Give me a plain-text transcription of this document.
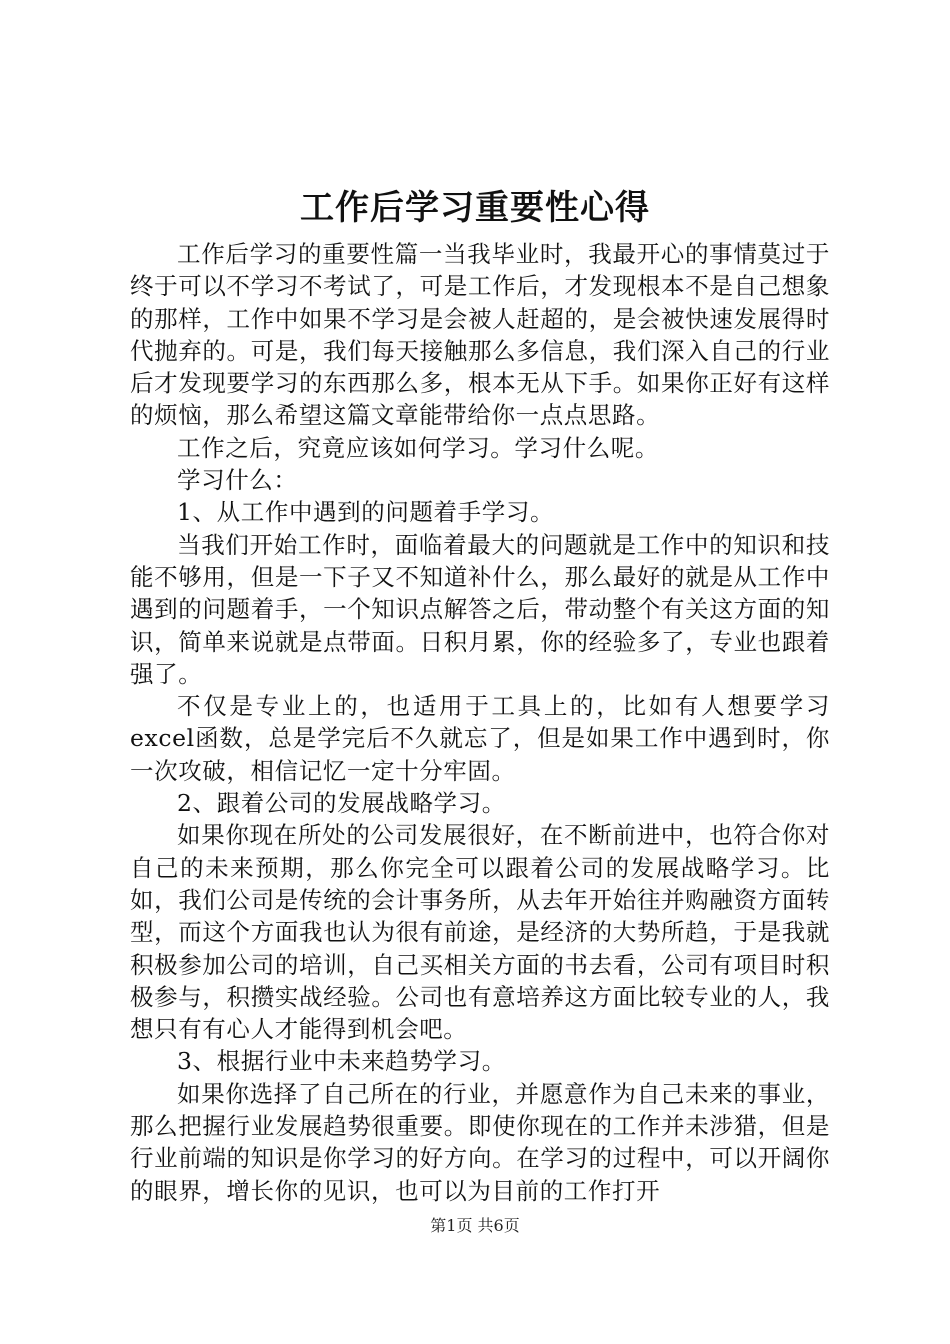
工作后学习重要性心得

工作后学习的重要性篇一当我毕业时，我最开心的事情莫过于终于可以不学习不考试了，可是工作后，才发现根本不是自己想象的那样，工作中如果不学习是会被人赶超的，是会被快速发展得时代抛弃的。可是，我们每天接触那么多信息，我们深入自己的行业后才发现要学习的东西那么多，根本无从下手。如果你正好有这样的烦恼，那么希望这篇文章能带给你一点点思路。

工作之后，究竟应该如何学习。学习什么呢。

学习什么：

1、从工作中遇到的问题着手学习。

当我们开始工作时，面临着最大的问题就是工作中的知识和技能不够用，但是一下子又不知道补什么，那么最好的就是从工作中遇到的问题着手，一个知识点解答之后，带动整个有关这方面的知识，简单来说就是点带面。日积月累，你的经验多了，专业也跟着强了。

不仅是专业上的，也适用于工具上的，比如有人想要学习excel函数，总是学完后不久就忘了，但是如果工作中遇到时，你一次攻破，相信记忆一定十分牢固。

2、跟着公司的发展战略学习。

如果你现在所处的公司发展很好，在不断前进中，也符合你对自己的未来预期，那么你完全可以跟着公司的发展战略学习。比如，我们公司是传统的会计事务所，从去年开始往并购融资方面转型，而这个方面我也认为很有前途，是经济的大势所趋，于是我就积极参加公司的培训，自己买相关方面的书去看，公司有项目时积极参与，积攒实战经验。公司也有意培养这方面比较专业的人，我想只有有心人才能得到机会吧。

3、根据行业中未来趋势学习。

如果你选择了自己所在的行业，并愿意作为自己未来的事业，那么把握行业发展趋势很重要。即使你现在的工作并未涉猎，但是行业前端的知识是你学习的好方向。在学习的过程中，可以开阔你的眼界，增长你的见识，也可以为目前的工作打开

第1页 共6页
